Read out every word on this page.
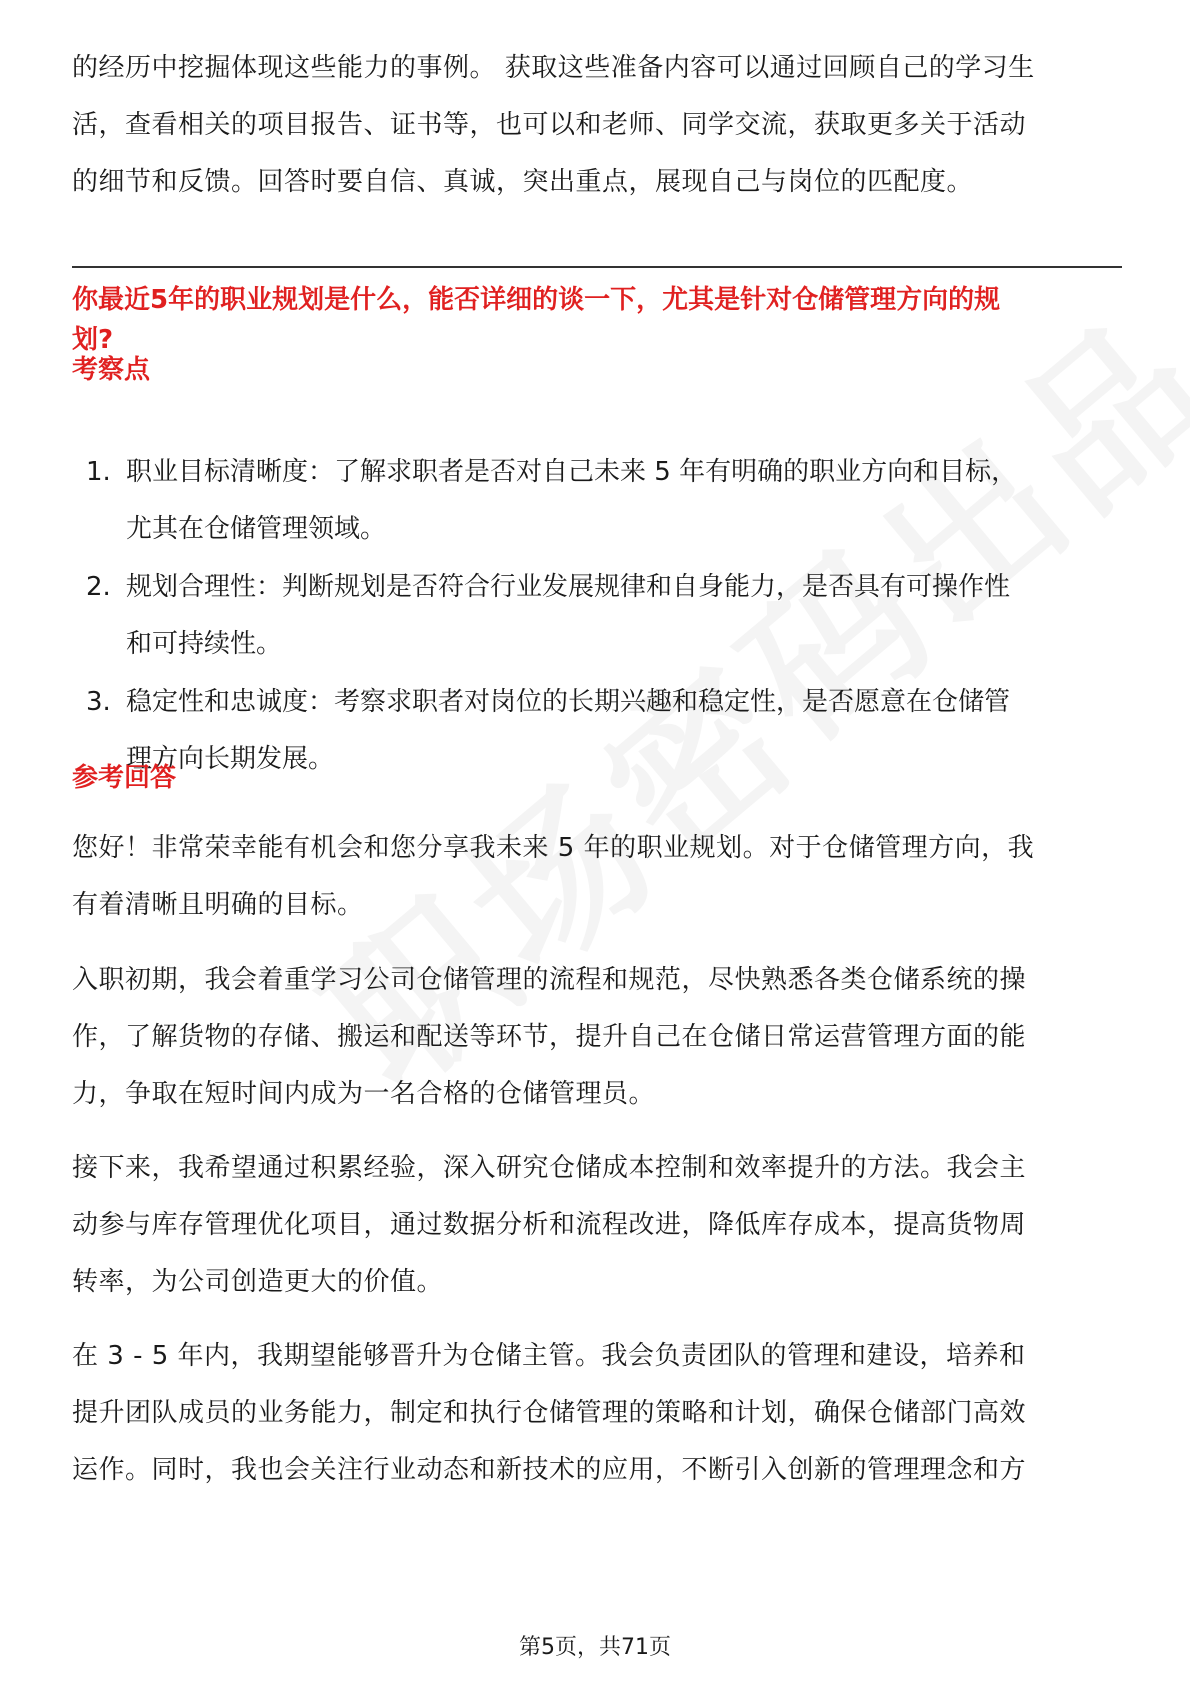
的经历中挖掘体现这些能力的事例。 获取这些准备内容可以通过回顾自己的学习生

活，查看相关的项目报告、证书等，也可以和老师、同学交流，获取更多关于活动

的细节和反馈。回答时要自信、真诚，突出重点，展现自己与岗位的匹配度。

你最近5年的职业规划是什么，能否详细的谈一下，尤其是针对仓储管理方向的规
划?
考察点
1. 职业目标清晰度：了解求职者是否对自己未来 5 年有明确的职业方向和目标，
尤其在仓储管理领域。
2. 规划合理性：判断规划是否符合行业发展规律和自身能力，是否具有可操作性
和可持续性。
3. 稳定性和忠诚度：考察求职者对岗位的长期兴趣和稳定性，是否愿意在仓储管
理方向长期发展。
参考回答

您好！非常荣幸能有机会和您分享我未来 5 年的职业规划。对于仓储管理方向，我

有着清晰且明确的目标。

入职初期，我会着重学习公司仓储管理的流程和规范，尽快熟悉各类仓储系统的操

作，了解货物的存储、搬运和配送等环节，提升自己在仓储日常运营管理方面的能

力，争取在短时间内成为一名合格的仓储管理员。

接下来，我希望通过积累经验，深入研究仓储成本控制和效率提升的方法。我会主

动参与库存管理优化项目，通过数据分析和流程改进，降低库存成本，提高货物周

转率，为公司创造更大的价值。

在 3 - 5 年内，我期望能够晋升为仓储主管。我会负责团队的管理和建设，培养和

提升团队成员的业务能力，制定和执行仓储管理的策略和计划，确保仓储部门高效

运作。同时，我也会关注行业动态和新技术的应用，不断引入创新的管理理念和方

第5页，共71页
